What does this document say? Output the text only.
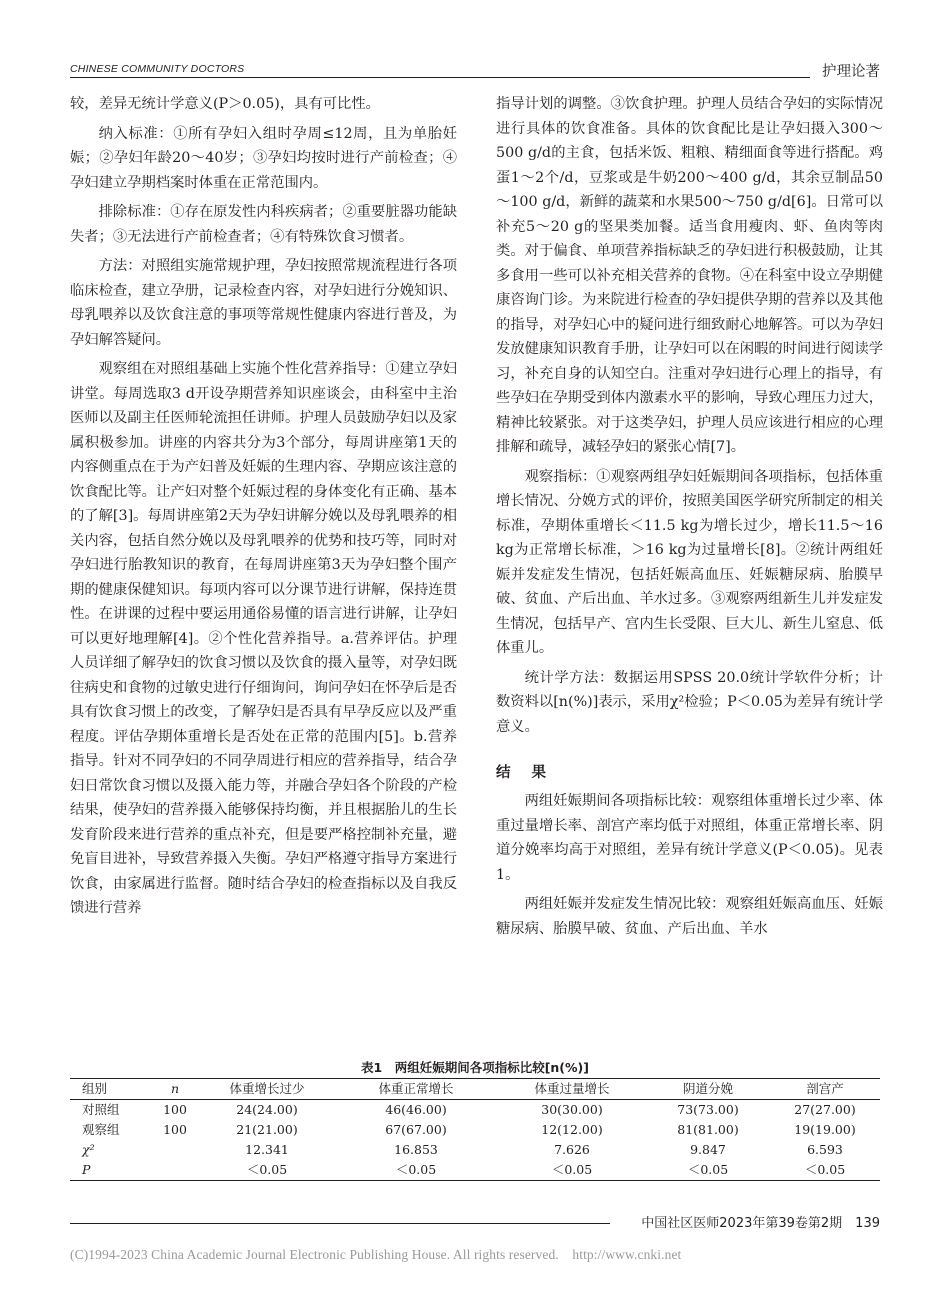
CHINESE COMMUNITY DOCTORS	护理论著

较，差异无统计学意义(P＞0.05)，具有可比性。

纳入标准：①所有孕妇入组时孕周≤12周，且为单胎妊娠；②孕妇年龄20～40岁；③孕妇均按时进行产前检查；④孕妇建立孕期档案时体重在正常范围内。

排除标准：①存在原发性内科疾病者；②重要脏器功能缺失者；③无法进行产前检查者；④有特殊饮食习惯者。

方法：对照组实施常规护理，孕妇按照常规流程进行各项临床检查，建立孕册，记录检查内容，对孕妇进行分娩知识、母乳喂养以及饮食注意的事项等常规性健康内容进行普及，为孕妇解答疑问。

观察组在对照组基础上实施个性化营养指导：①建立孕妇讲堂。每周选取3 d开设孕期营养知识座谈会，由科室中主治医师以及副主任医师轮流担任讲师。护理人员鼓励孕妇以及家属积极参加。讲座的内容共分为3个部分，每周讲座第1天的内容侧重点在于为产妇普及妊娠的生理内容、孕期应该注意的饮食配比等。让产妇对整个妊娠过程的身体变化有正确、基本的了解[3]。每周讲座第2天为孕妇讲解分娩以及母乳喂养的相关内容，包括自然分娩以及母乳喂养的优势和技巧等，同时对孕妇进行胎教知识的教育，在每周讲座第3天为孕妇整个围产期的健康保健知识。每项内容可以分课节进行讲解，保持连贯性。在讲课的过程中要运用通俗易懂的语言进行讲解，让孕妇可以更好地理解[4]。②个性化营养指导。a.营养评估。护理人员详细了解孕妇的饮食习惯以及饮食的摄入量等，对孕妇既往病史和食物的过敏史进行仔细询问，询问孕妇在怀孕后是否具有饮食习惯上的改变，了解孕妇是否具有早孕反应以及严重程度。评估孕期体重增长是否处在正常的范围内[5]。b.营养指导。针对不同孕妇的不同孕周进行相应的营养指导，结合孕妇日常饮食习惯以及摄入能力等，并融合孕妇各个阶段的产检结果，使孕妇的营养摄入能够保持均衡，并且根据胎儿的生长发育阶段来进行营养的重点补充，但是要严格控制补充量，避免盲目进补，导致营养摄入失衡。孕妇严格遵守指导方案进行饮食，由家属进行监督。随时结合孕妇的检查指标以及自我反馈进行营养

指导计划的调整。③饮食护理。护理人员结合孕妇的实际情况进行具体的饮食准备。具体的饮食配比是让孕妇摄入300～500 g/d的主食，包括米饭、粗粮、精细面食等进行搭配。鸡蛋1～2个/d，豆浆或是牛奶200～400 g/d，其余豆制品50～100 g/d，新鲜的蔬菜和水果500～750 g/d[6]。日常可以补充5～20 g的坚果类加餐。适当食用瘦肉、虾、鱼肉等肉类。对于偏食、单项营养指标缺乏的孕妇进行积极鼓励，让其多食用一些可以补充相关营养的食物。④在科室中设立孕期健康咨询门诊。为来院进行检查的孕妇提供孕期的营养以及其他的指导，对孕妇心中的疑问进行细致耐心地解答。可以为孕妇发放健康知识教育手册，让孕妇可以在闲暇的时间进行阅读学习，补充自身的认知空白。注重对孕妇进行心理上的指导，有些孕妇在孕期受到体内激素水平的影响，导致心理压力过大，精神比较紧张。对于这类孕妇，护理人员应该进行相应的心理排解和疏导，减轻孕妇的紧张心情[7]。

观察指标：①观察两组孕妇妊娠期间各项指标，包括体重增长情况、分娩方式的评价，按照美国医学研究所制定的相关标准，孕期体重增长＜11.5 kg为增长过少，增长11.5～16 kg为正常增长标准，＞16 kg为过量增长[8]。②统计两组妊娠并发症发生情况，包括妊娠高血压、妊娠糖尿病、胎膜早破、贫血、产后出血、羊水过多。③观察两组新生儿并发症发生情况，包括早产、宫内生长受限、巨大儿、新生儿窒息、低体重儿。

统计学方法：数据运用SPSS 20.0统计学软件分析；计数资料以[n(%)]表示，采用χ²检验；P＜0.05为差异有统计学意义。

结 果

两组妊娠期间各项指标比较：观察组体重增长过少率、体重过量增长率、剖宫产率均低于对照组，体重正常增长率、阴道分娩率均高于对照组，差异有统计学意义(P＜0.05)。见表1。

两组妊娠并发症发生情况比较：观察组妊娠高血压、妊娠糖尿病、胎膜早破、贫血、产后出血、羊水

表1　两组妊娠期间各项指标比较[n(%)]
组别	n	体重增长过少	体重正常增长	体重过量增长	阴道分娩	剖宫产
对照组	100	24(24.00)	46(46.00)	30(30.00)	73(73.00)	27(27.00)
观察组	100	21(21.00)	67(67.00)	12(12.00)	81(81.00)	19(19.00)
χ²		12.341	16.853	7.626	9.847	6.593
P		＜0.05	＜0.05	＜0.05	＜0.05	＜0.05
中国社区医师2023年第39卷第2期　139
(C)1994-2023 China Academic Journal Electronic Publishing House. All rights reserved.　http://www.cnki.net
